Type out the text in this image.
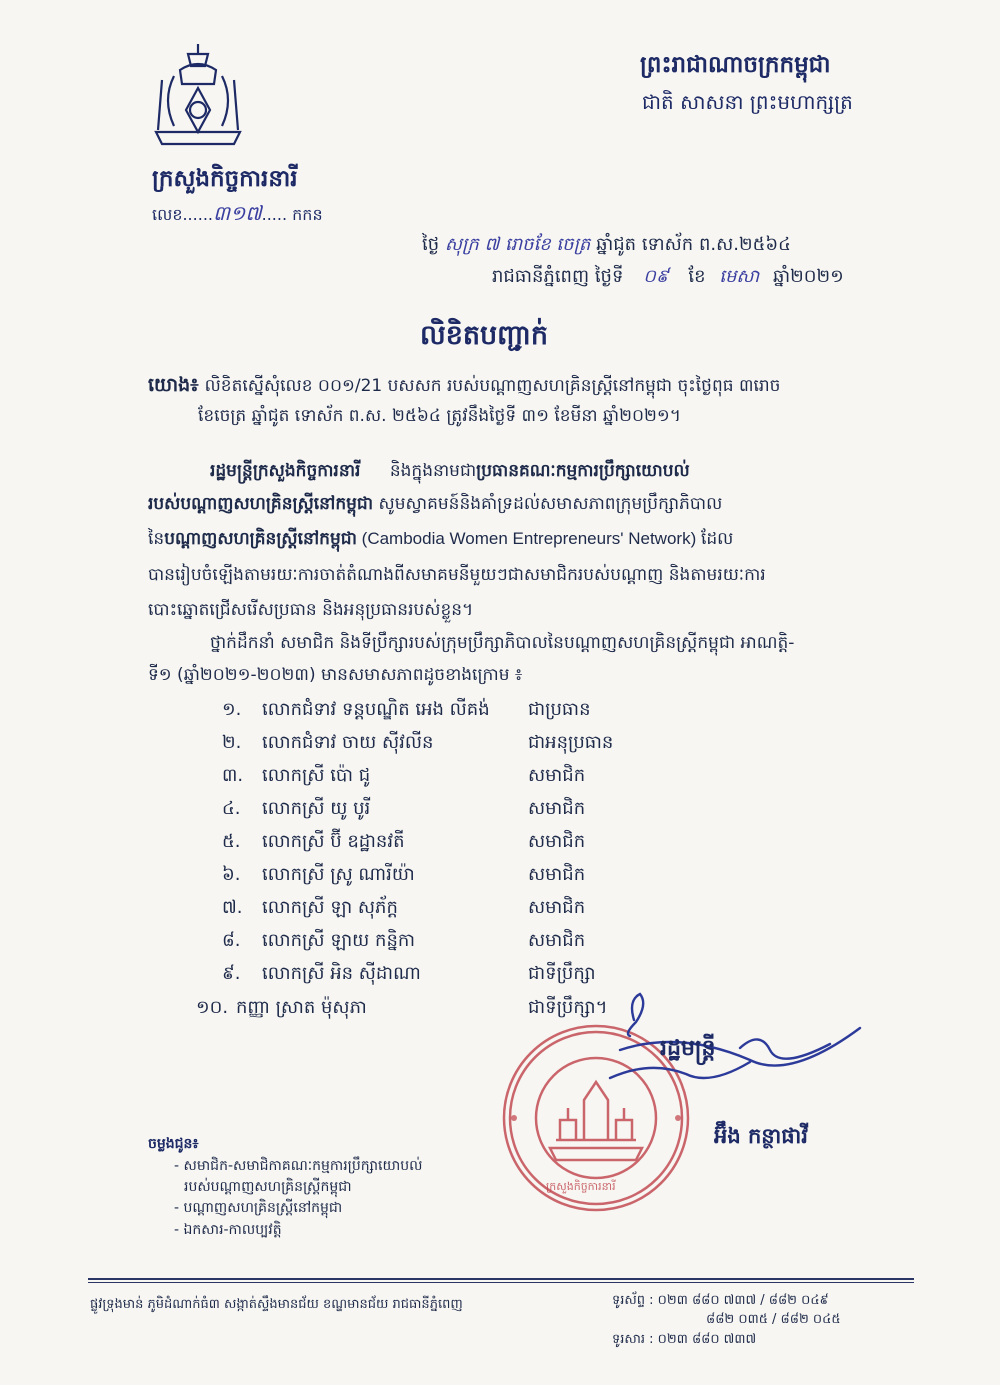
ព្រះរាជាណាចក្រកម្ពុជា
ជាតិ សាសនា ព្រះមហាក្សត្រ
ក្រសួងកិច្ចការនារី
លេខ......៣១៧..... កកន
ថ្ងៃ សុក្រ ៧ រោចខែ ចេត្រ ឆ្នាំជូត ទោស័ក ព.ស.២៥៦៤
រាជធានីភ្នំពេញ ថ្ងៃទី ០៩ ខែ មេសា ឆ្នាំ២០២១
លិខិតបញ្ជាក់
យោង៖ លិខិតស្នើសុំលេខ ០០១/21 បសសក របស់បណ្តាញសហគ្រិនស្ត្រីនៅកម្ពុជា ចុះថ្ងៃពុធ ៣រោច
ខែចេត្រ ឆ្នាំជូត ទោស័ក ព.ស. ២៥៦៤ ត្រូវនឹងថ្ងៃទី ៣១ ខែមីនា ឆ្នាំ២០២១។
រដ្ឋមន្ត្រីក្រសួងកិច្ចការនារី និងក្នុងនាមជាប្រធានគណៈកម្មការប្រឹក្សាយោបល់
របស់បណ្តាញសហគ្រិនស្ត្រីនៅកម្ពុជា សូមស្វាគមន៍និងគាំទ្រដល់សមាសភាពក្រុមប្រឹក្សាភិបាល
នៃបណ្តាញសហគ្រិនស្ត្រីនៅកម្ពុជា (Cambodia Women Entrepreneurs' Network) ដែល
បានរៀបចំឡើងតាមរយៈការចាត់តំណាងពីសមាគមនីមួយៗជាសមាជិករបស់បណ្តាញ និងតាមរយៈការ
បោះឆ្នោតជ្រើសរើសប្រធាន និងអនុប្រធានរបស់ខ្លួន។
ថ្នាក់ដឹកនាំ សមាជិក និងទីប្រឹក្សារបស់ក្រុមប្រឹក្សាភិបាលនៃបណ្តាញសហគ្រិនស្ត្រីកម្ពុជា អាណត្តិ-
ទី១ (ឆ្នាំ២០២១-២០២៣) មានសមាសភាពដូចខាងក្រោម ៖
១.	លោកជំទាវ ទន្តបណ្ឌិត អេង លីគង់ ជាប្រធាន
២.	លោកជំទាវ ចាយ ស៊ីវលីន	ជាអនុប្រធាន
៣.	លោកស្រី ប៉ោ ជូ	សមាជិក
៤.	លោកស្រី យូ បូរី	សមាជិក
៥.	លោកស្រី ប៊ី ឧដ្ឋានវតី	សមាជិក
៦.	លោកស្រី ស្រូ ណារីយ៉ា	សមាជិក
៧.	លោកស្រី ឡា សុភ័ក្ត	សមាជិក
៨.	លោកស្រី ឡាយ កន្និកា	សមាជិក
៩.	លោកស្រី អិន ស៊ីដាណា	ជាទីប្រឹក្សា
១០. កញ្ញា ស្រាត ម៉ុសុភា	ជាទីប្រឹក្សា។
ក្រសួងកិច្ចការនារី
រដ្ឋមន្ត្រី
អ៊ឹង កន្ថាផាវី
ចម្លងជូន៖
- សមាជិក-សមាជិកាគណៈកម្មការប្រឹក្សាយោបល់
របស់បណ្តាញសហគ្រិនស្ត្រីកម្ពុជា
- បណ្តាញសហគ្រិនស្ត្រីនៅកម្ពុជា
- ឯកសារ-កាលប្បវត្តិ
ផ្លូវទ្រុងមាន់ ភូមិដំណាក់ធំ៣ សង្កាត់ស្ទឹងមានជ័យ ខណ្ឌមានជ័យ រាជធានីភ្នំពេញ	ទូរស័ព្ទ : ០២៣ ៨៨០ ៧៣៧ / ៨៨២ ០៤៩
៨៨២ ០៣៥ / ៨៨២ ០៤៥
ទូរសារ : ០២៣ ៨៨០ ៧៣៧
